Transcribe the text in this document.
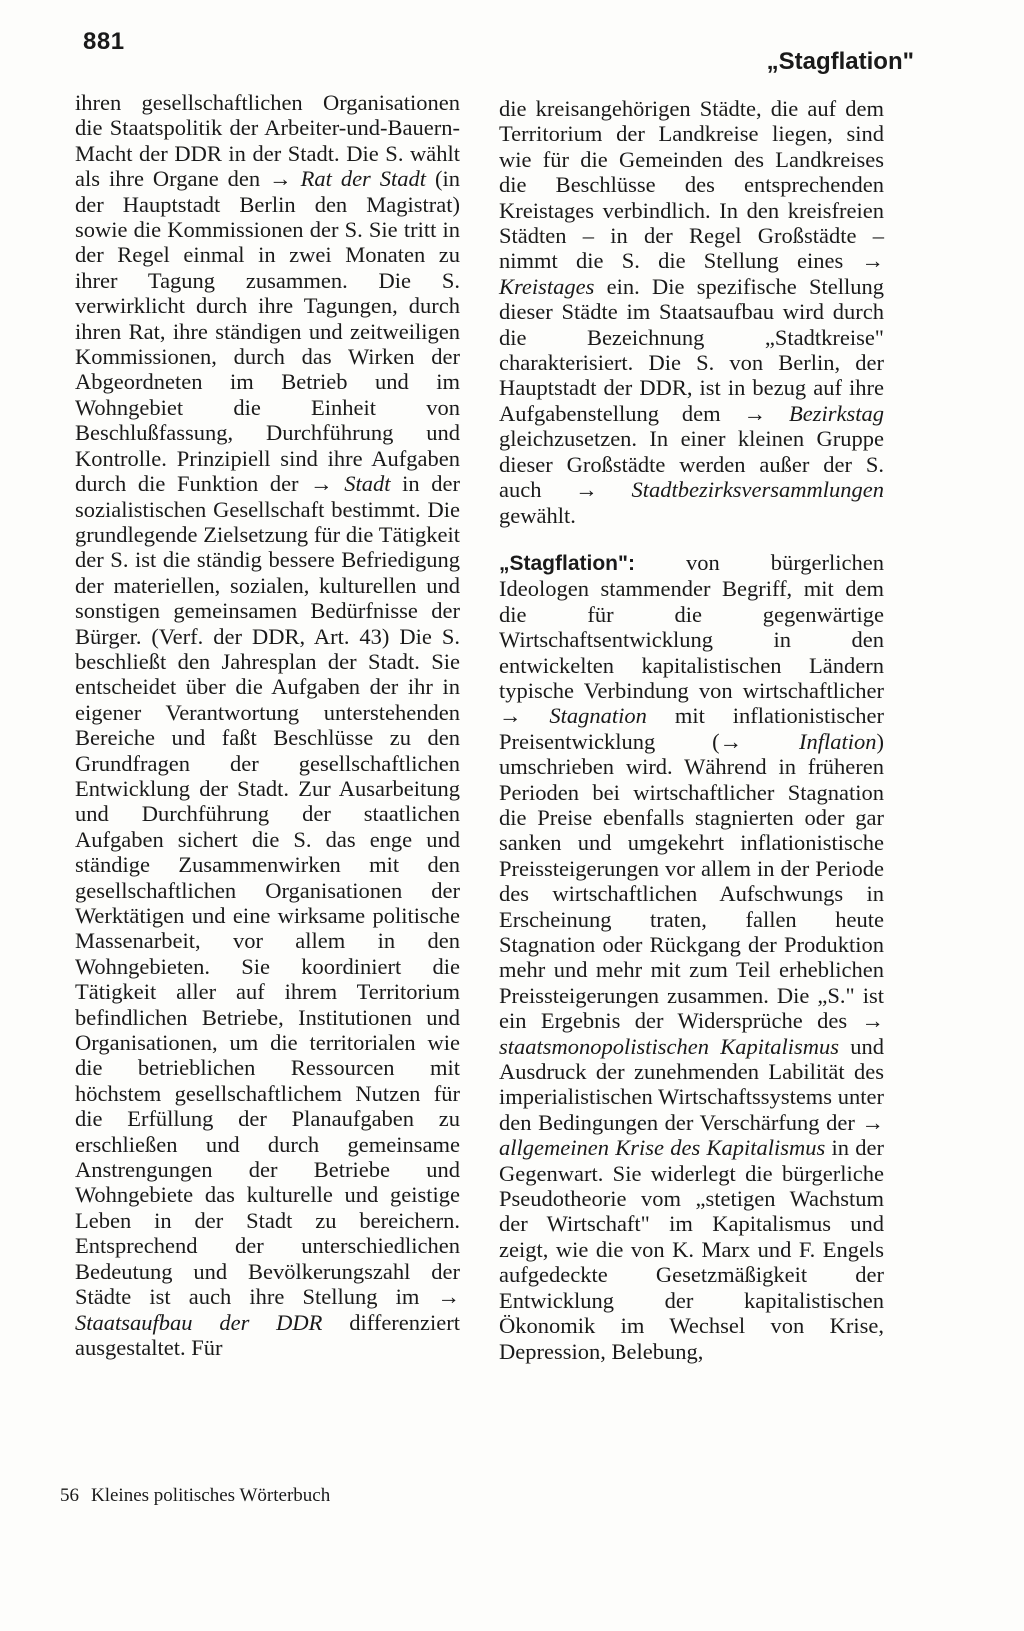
881
„Stagflation"

ihren gesellschaftlichen Organisationen die Staatspolitik der Arbeiter-und-Bauern-Macht der DDR in der Stadt. Die S. wählt als ihre Organe den → Rat der Stadt (in der Hauptstadt Berlin den Magistrat) sowie die Kommissionen der S. Sie tritt in der Regel einmal in zwei Monaten zu ihrer Tagung zusammen. Die S. verwirklicht durch ihre Tagungen, durch ihren Rat, ihre ständigen und zeitweiligen Kommissionen, durch das Wirken der Abgeordneten im Betrieb und im Wohngebiet die Einheit von Beschlußfassung, Durchführung und Kontrolle. Prinzipiell sind ihre Aufgaben durch die Funktion der → Stadt in der sozialistischen Gesellschaft bestimmt. Die grundlegende Zielsetzung für die Tätigkeit der S. ist die ständig bessere Befriedigung der materiellen, sozialen, kulturellen und sonstigen gemeinsamen Bedürfnisse der Bürger. (Verf. der DDR, Art. 43) Die S. beschließt den Jahresplan der Stadt. Sie entscheidet über die Aufgaben der ihr in eigener Verantwortung unterstehenden Bereiche und faßt Beschlüsse zu den Grundfragen der gesellschaftlichen Entwicklung der Stadt. Zur Ausarbeitung und Durchführung der staatlichen Aufgaben sichert die S. das enge und ständige Zusammenwirken mit den gesellschaftlichen Organisationen der Werktätigen und eine wirksame politische Massenarbeit, vor allem in den Wohngebieten. Sie koordiniert die Tätigkeit aller auf ihrem Territorium befindlichen Betriebe, Institutionen und Organisationen, um die territorialen wie die betrieblichen Ressourcen mit höchstem gesellschaftlichem Nutzen für die Erfüllung der Planaufgaben zu erschließen und durch gemeinsame Anstrengungen der Betriebe und Wohngebiete das kulturelle und geistige Leben in der Stadt zu bereichern. Entsprechend der unterschiedlichen Bedeutung und Bevölkerungszahl der Städte ist auch ihre Stellung im → Staatsaufbau der DDR differenziert ausgestaltet. Für

die kreisangehörigen Städte, die auf dem Territorium der Landkreise liegen, sind wie für die Gemeinden des Landkreises die Beschlüsse des entsprechenden Kreistages verbindlich. In den kreisfreien Städten – in der Regel Großstädte – nimmt die S. die Stellung eines → Kreistages ein. Die spezifische Stellung dieser Städte im Staatsaufbau wird durch die Bezeichnung „Stadtkreise" charakterisiert. Die S. von Berlin, der Hauptstadt der DDR, ist in bezug auf ihre Aufgabenstellung dem → Bezirkstag gleichzusetzen. In einer kleinen Gruppe dieser Großstädte werden außer der S. auch → Stadtbezirksversammlungen gewählt.

„Stagflation": von bürgerlichen Ideologen stammender Begriff, mit dem die für die gegenwärtige Wirtschaftsentwicklung in den entwickelten kapitalistischen Ländern typische Verbindung von wirtschaftlicher → Stagnation mit inflationistischer Preisentwicklung (→ Inflation) umschrieben wird. Während in früheren Perioden bei wirtschaftlicher Stagnation die Preise ebenfalls stagnierten oder gar sanken und umgekehrt inflationistische Preissteigerungen vor allem in der Periode des wirtschaftlichen Aufschwungs in Erscheinung traten, fallen heute Stagnation oder Rückgang der Produktion mehr und mehr mit zum Teil erheblichen Preissteigerungen zusammen. Die „S." ist ein Ergebnis der Widersprüche des → staatsmonopolistischen Kapitalismus und Ausdruck der zunehmenden Labilität des imperialistischen Wirtschaftssystems unter den Bedingungen der Verschärfung der → allgemeinen Krise des Kapitalismus in der Gegenwart. Sie widerlegt die bürgerliche Pseudotheorie vom „stetigen Wachstum der Wirtschaft" im Kapitalismus und zeigt, wie die von K. Marx und F. Engels aufgedeckte Gesetzmäßigkeit der Entwicklung der kapitalistischen Ökonomik im Wechsel von Krise, Depression, Belebung,

56 Kleines politisches Wörterbuch
